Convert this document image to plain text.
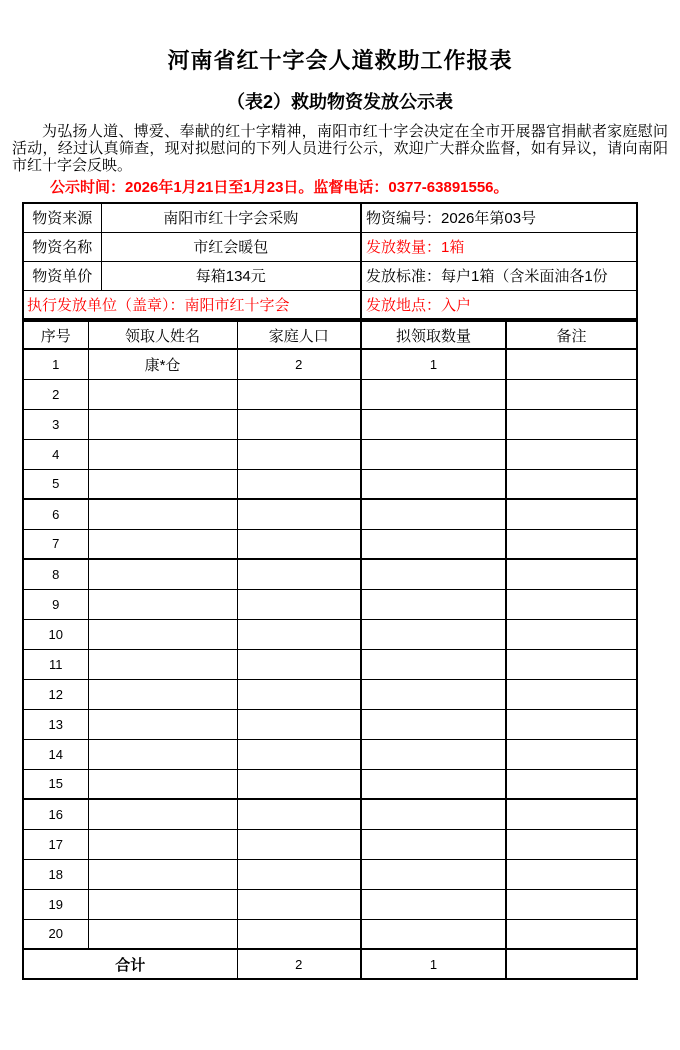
河南省红十字会人道救助工作报表
（表2）救助物资发放公示表

为弘扬人道、博爱、奉献的红十字精神，南阳市红十字会决定在全市开展器官捐献者家庭慰问活动，经过认真筛查，现对拟慰问的下列人员进行公示，欢迎广大群众监督，如有异议，请向南阳市红十字会反映。

公示时间：2026年1月21日至1月23日。监督电话：0377-63891556。
物资来源	南阳市红十字会采购	物资编号：2026年第03号
物资名称	市红会暖包	发放数量：1箱
物资单价	每箱134元	发放标准：每户1箱（含米面油各1份
执行发放单位（盖章）：南阳市红十字会		发放地点：入户
序号	领取人姓名	家庭人口	拟领取数量	备注
1	康*仓	2	1	
2				
3				
4				
5				
6				
7				
8				
9				
10				
11				
12				
13				
14				
15				
16				
17				
18				
19				
20				
合计		2	1	
